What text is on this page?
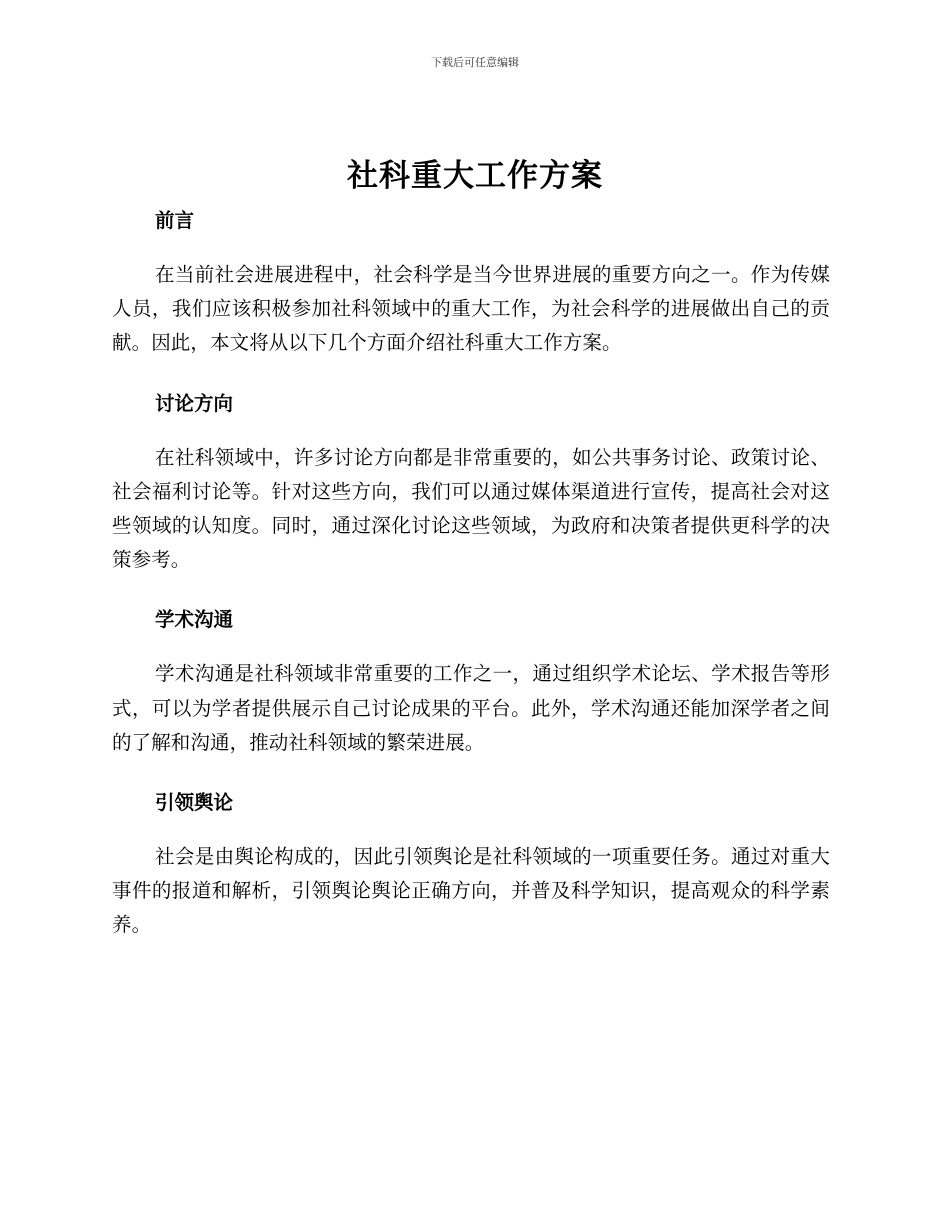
下载后可任意编辑
社科重大工作方案
前言

在当前社会进展进程中，社会科学是当今世界进展的重要方向之一。作为传媒人员，我们应该积极参加社科领域中的重大工作，为社会科学的进展做出自己的贡献。因此，本文将从以下几个方面介绍社科重大工作方案。

讨论方向

在社科领域中，许多讨论方向都是非常重要的，如公共事务讨论、政策讨论、社会福利讨论等。针对这些方向，我们可以通过媒体渠道进行宣传，提高社会对这些领域的认知度。同时，通过深化讨论这些领域，为政府和决策者提供更科学的决策参考。

学术沟通

学术沟通是社科领域非常重要的工作之一，通过组织学术论坛、学术报告等形式，可以为学者提供展示自己讨论成果的平台。此外，学术沟通还能加深学者之间的了解和沟通，推动社科领域的繁荣进展。

引领舆论

社会是由舆论构成的，因此引领舆论是社科领域的一项重要任务。通过对重大事件的报道和解析，引领舆论舆论正确方向，并普及科学知识，提高观众的科学素养。
